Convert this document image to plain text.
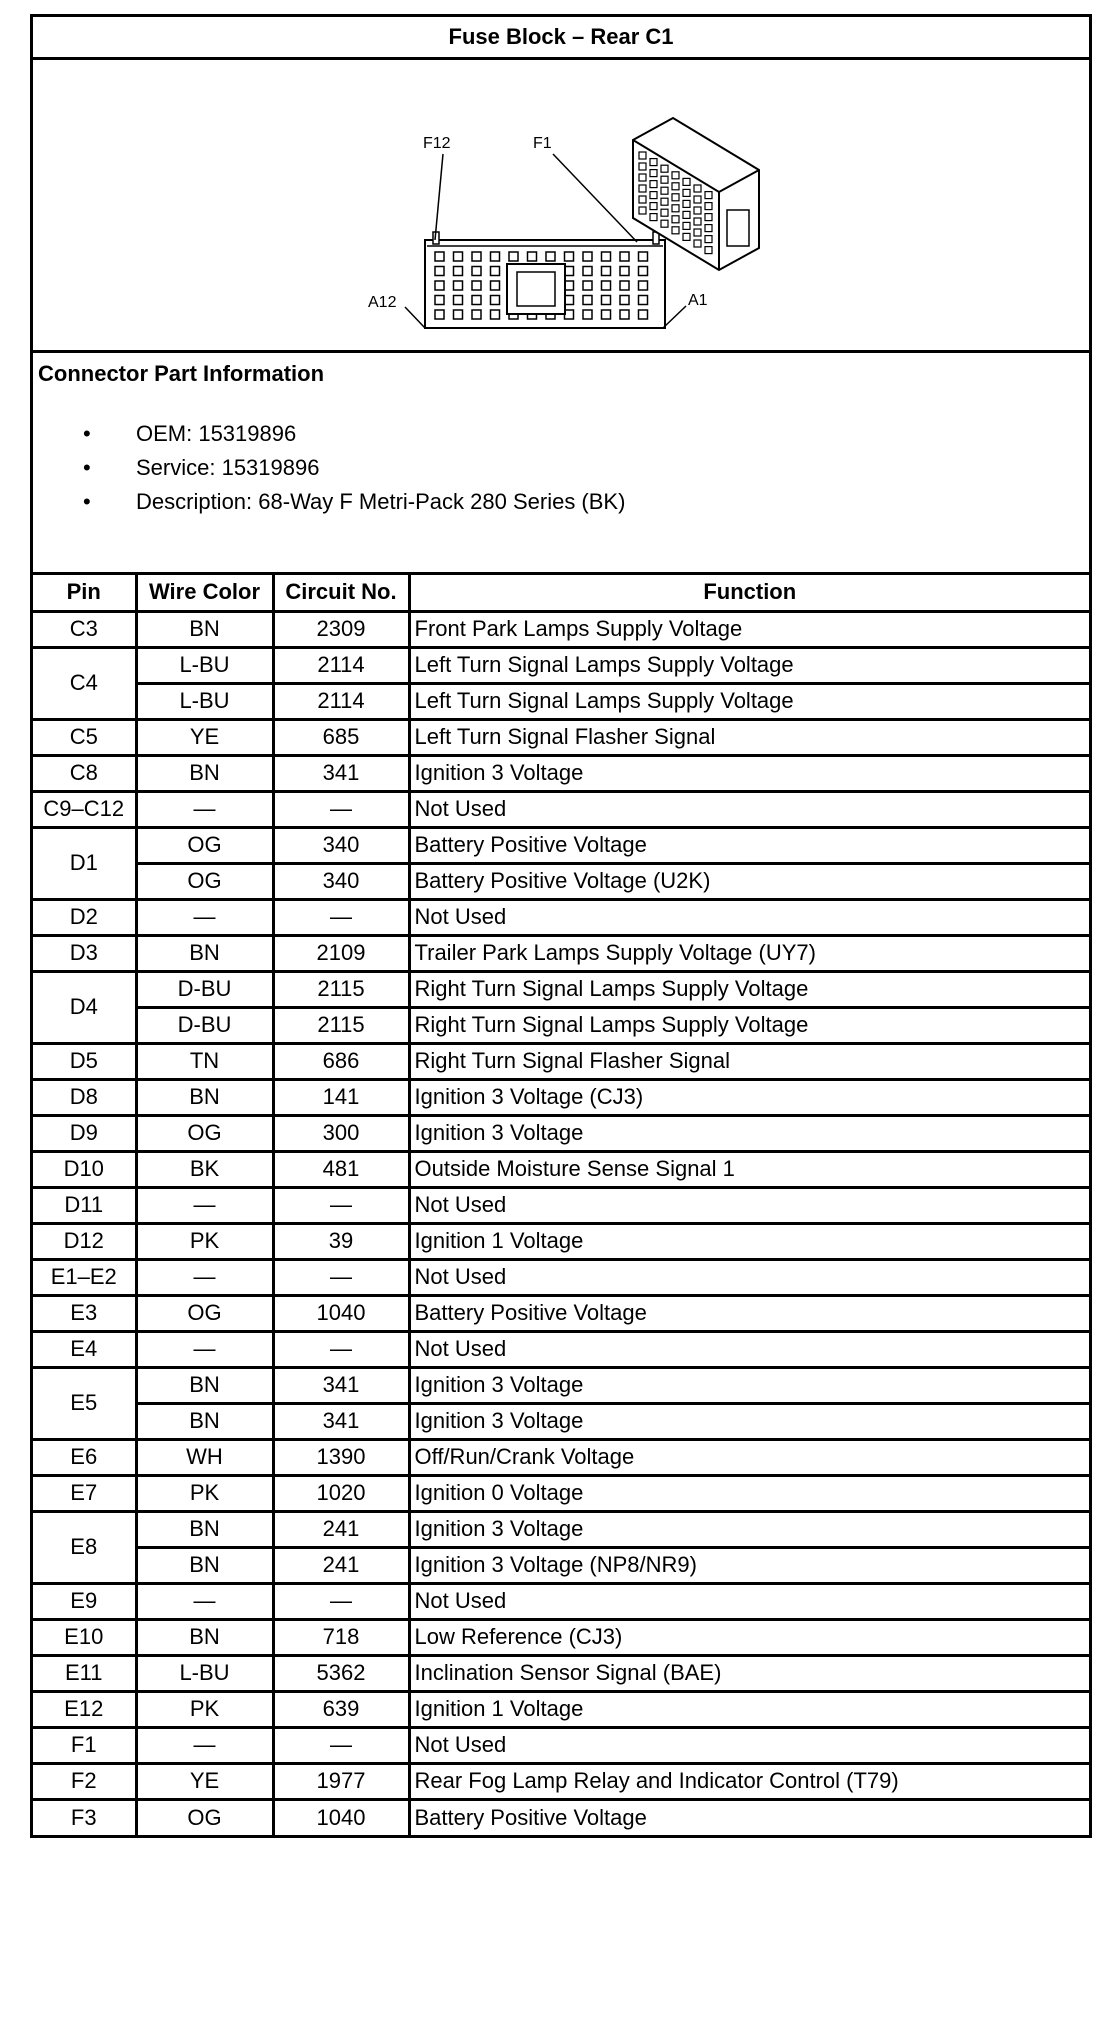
Fuse Block – Rear C1
F12	F1
A12	A1
Connector Part Information
• OEM: 15319896
• Service: 15319896
• Description: 68-Way F Metri-Pack 280 Series (BK)
Pin	Wire Color	Circuit No.	Function
C3	BN	2309	Front Park Lamps Supply Voltage
C4	L-BU	2114	Left Turn Signal Lamps Supply Voltage
	L-BU	2114	Left Turn Signal Lamps Supply Voltage
C5	YE	685	Left Turn Signal Flasher Signal
C8	BN	341	Ignition 3 Voltage
C9–C12	—	—	Not Used
D1	OG	340	Battery Positive Voltage
	OG	340	Battery Positive Voltage (U2K)
D2	—	—	Not Used
D3	BN	2109	Trailer Park Lamps Supply Voltage (UY7)
D4	D-BU	2115	Right Turn Signal Lamps Supply Voltage
	D-BU	2115	Right Turn Signal Lamps Supply Voltage
D5	TN	686	Right Turn Signal Flasher Signal
D8	BN	141	Ignition 3 Voltage (CJ3)
D9	OG	300	Ignition 3 Voltage
D10	BK	481	Outside Moisture Sense Signal 1
D11	—	—	Not Used
D12	PK	39	Ignition 1 Voltage
E1–E2	—	—	Not Used
E3	OG	1040	Battery Positive Voltage
E4	—	—	Not Used
E5	BN	341	Ignition 3 Voltage
	BN	341	Ignition 3 Voltage
E6	WH	1390	Off/Run/Crank Voltage
E7	PK	1020	Ignition 0 Voltage
E8	BN	241	Ignition 3 Voltage
	BN	241	Ignition 3 Voltage (NP8/NR9)
E9	—	—	Not Used
E10	BN	718	Low Reference (CJ3)
E11	L-BU	5362	Inclination Sensor Signal (BAE)
E12	PK	639	Ignition 1 Voltage
F1	—	—	Not Used
F2	YE	1977	Rear Fog Lamp Relay and Indicator Control (T79)
F3	OG	1040	Battery Positive Voltage
